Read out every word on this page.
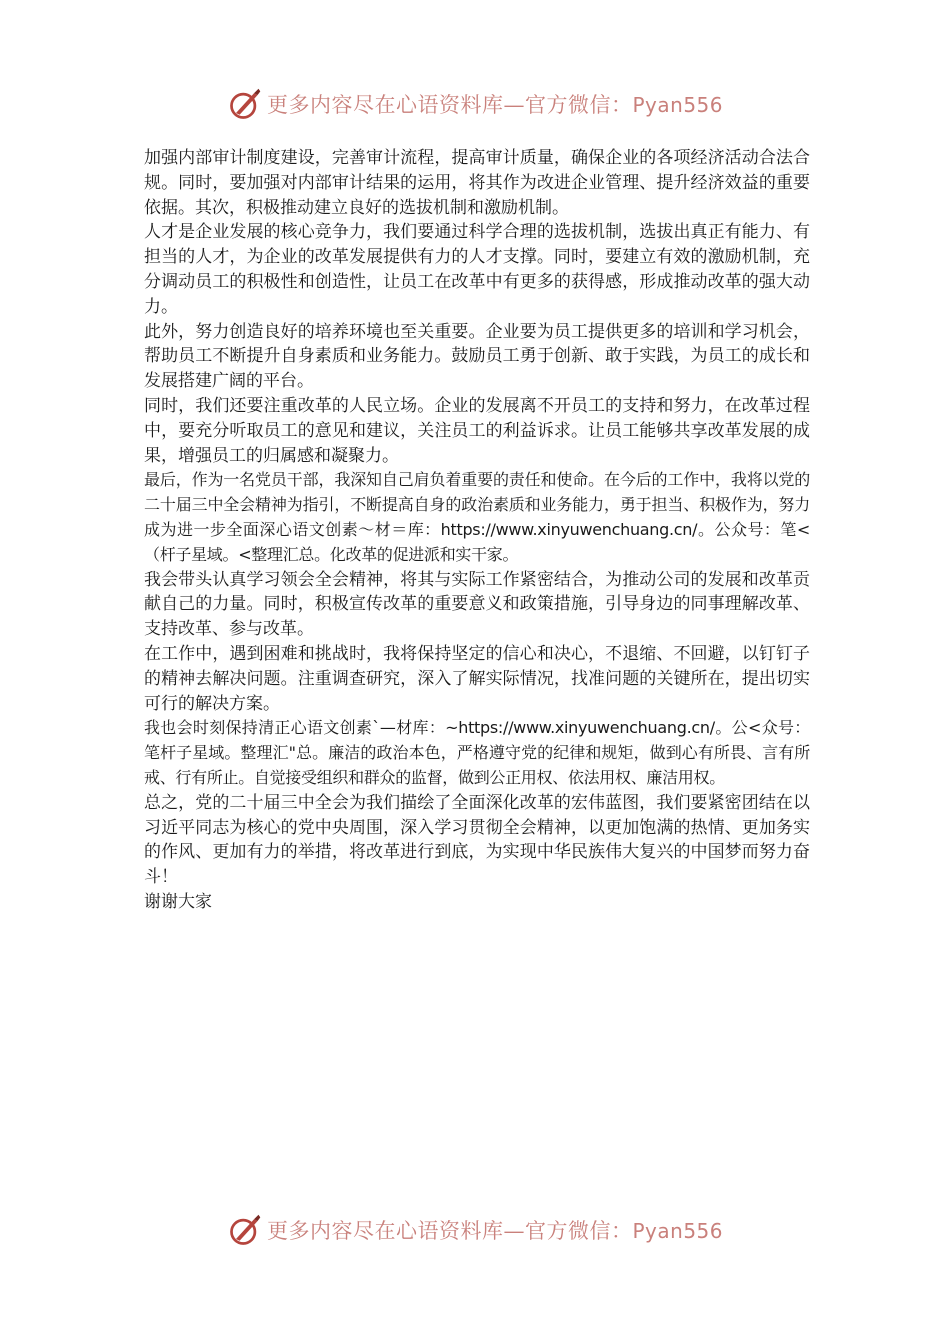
更多内容尽在心语资料库—官方微信：Pyan556

加强内部审计制度建设，完善审计流程，提高审计质量，确保企业的各项经济活动合法合规。同时，要加强对内部审计结果的运用，将其作为改进企业管理、提升经济效益的重要依据。其次，积极推动建立良好的选拔机制和激励机制。

人才是企业发展的核心竞争力，我们要通过科学合理的选拔机制，选拔出真正有能力、有担当的人才，为企业的改革发展提供有力的人才支撑。同时，要建立有效的激励机制，充分调动员工的积极性和创造性，让员工在改革中有更多的获得感，形成推动改革的强大动力。

此外，努力创造良好的培养环境也至关重要。企业要为员工提供更多的培训和学习机会，帮助员工不断提升自身素质和业务能力。鼓励员工勇于创新、敢于实践，为员工的成长和发展搭建广阔的平台。

同时，我们还要注重改革的人民立场。企业的发展离不开员工的支持和努力，在改革过程中，要充分听取员工的意见和建议，关注员工的利益诉求。让员工能够共享改革发展的成果，增强员工的归属感和凝聚力。

最后，作为一名党员干部，我深知自己肩负着重要的责任和使命。在今后的工作中，我将以党的二十届三中全会精神为指引，不断提高自身的政治素质和业务能力，勇于担当、积极作为，努力成为进一步全面深心语文创素～材＝库：https://www.xinyuwenchuang.cn/。公众号：笔<（杆子星域。<整理汇总。化改革的促进派和实干家。

我会带头认真学习领会全会精神，将其与实际工作紧密结合，为推动公司的发展和改革贡献自己的力量。同时，积极宣传改革的重要意义和政策措施，引导身边的同事理解改革、支持改革、参与改革。

在工作中，遇到困难和挑战时，我将保持坚定的信心和决心，不退缩、不回避，以钉钉子的精神去解决问题。注重调查研究，深入了解实际情况，找准问题的关键所在，提出切实可行的解决方案。

我也会时刻保持清正心语文创素`—材库：~https://www.xinyuwenchuang.cn/。公<众号：笔杆子星域。整理汇"总。廉洁的政治本色，严格遵守党的纪律和规矩，做到心有所畏、言有所戒、行有所止。自觉接受组织和群众的监督，做到公正用权、依法用权、廉洁用权。

总之，党的二十届三中全会为我们描绘了全面深化改革的宏伟蓝图，我们要紧密团结在以习近平同志为核心的党中央周围，深入学习贯彻全会精神，以更加饱满的热情、更加务实的作风、更加有力的举措，将改革进行到底，为实现中华民族伟大复兴的中国梦而努力奋斗！

谢谢大家

更多内容尽在心语资料库—官方微信：Pyan556
